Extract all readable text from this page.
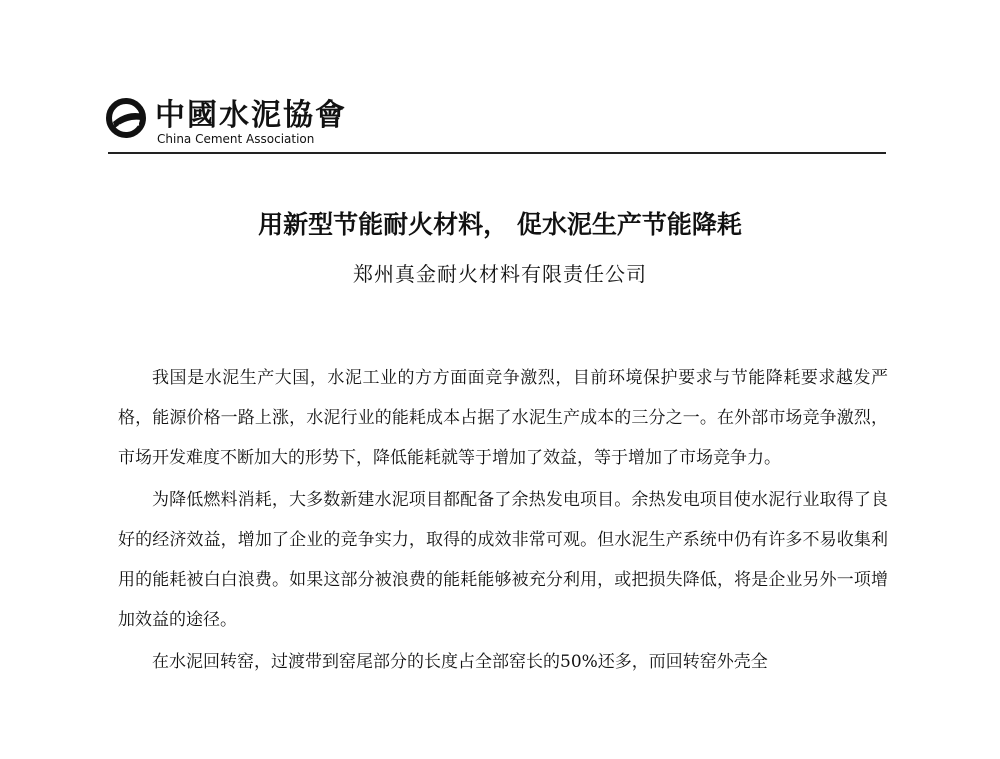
中國水泥協會
China Cement Association
用新型节能耐火材料， 促水泥生产节能降耗
郑州真金耐火材料有限责任公司

我国是水泥生产大国，水泥工业的方方面面竞争激烈，目前环境保护要求与节能降耗要求越发严格，能源价格一路上涨，水泥行业的能耗成本占据了水泥生产成本的三分之一。在外部市场竞争激烈，市场开发难度不断加大的形势下，降低能耗就等于增加了效益，等于增加了市场竞争力。

为降低燃料消耗，大多数新建水泥项目都配备了余热发电项目。余热发电项目使水泥行业取得了良好的经济效益，增加了企业的竞争实力，取得的成效非常可观。但水泥生产系统中仍有许多不易收集利用的能耗被白白浪费。如果这部分被浪费的能耗能够被充分利用，或把损失降低，将是企业另外一项增加效益的途径。

在水泥回转窑，过渡带到窑尾部分的长度占全部窑长的50%还多，而回转窑外壳全
